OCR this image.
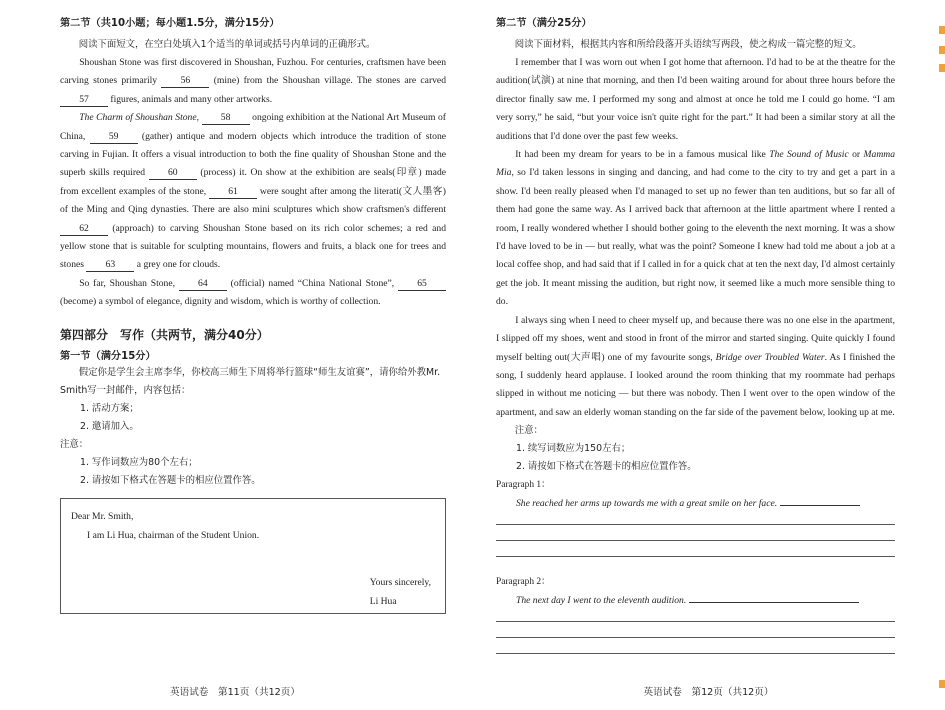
第二节（共10小题；每小题1.5分，满分15分）
阅读下面短文，在空白处填入1个适当的单词或括号内单词的正确形式。

Shoushan Stone was first discovered in Shoushan, Fuzhou. For centuries, craftsmen have been carving stones primarily 56 (mine) from the Shoushan village. The stones are carved 57 figures, animals and many other artworks.

The Charm of Shoushan Stone, 58 ongoing exhibition at the National Art Museum of China, 59 (gather) antique and modern objects which introduce the tradition of stone carving in Fujian. It offers a visual introduction to both the fine quality of Shoushan Stone and the superb skills required 60 (process) it. On show at the exhibition are seals(印章) made from excellent examples of the stone, 61 were sought after among the literati(文人墨客) of the Ming and Qing dynasties. There are also mini sculptures which show craftsmen's different 62 (approach) to carving Shoushan Stone based on its rich color schemes; a red and yellow stone that is suitable for sculpting mountains, flowers and fruits, a black one for trees and stones 63 a grey one for clouds.

So far, Shoushan Stone, 64 (official) named “China National Stone”, 65 (become) a symbol of elegance, dignity and wisdom, which is worthy of collection.

第四部分　写作（共两节，满分40分）
第一节（满分15分）
假定你是学生会主席李华，你校高三师生下周将举行篮球“师生友谊赛”，请你给外教Mr. Smith写一封邮件，内容包括：
1. 活动方案；
2. 邀请加入。
注意：
1. 写作词数应为80个左右；
2. 请按如下格式在答题卡的相应位置作答。

Dear Mr. Smith,

I am Li Hua, chairman of the Student Union.

Yours sincerely,
Li Hua
英语试卷　第11页（共12页）
第二节（满分25分）
阅读下面材料，根据其内容和所给段落开头语续写两段，使之构成一篇完整的短文。

I remember that I was worn out when I got home that afternoon. I'd had to be at the theatre for the audition(试演) at nine that morning, and then I'd been waiting around for about three hours before the director finally saw me. I performed my song and almost at once he told me I could go home. “I am very sorry,” he said, “but your voice isn't quite right for the part.” It had been a similar story at all the auditions that I'd done over the past few weeks.

It had been my dream for years to be in a famous musical like The Sound of Music or Mamma Mia, so I'd taken lessons in singing and dancing, and had come to the city to try and get a part in a show. I'd been really pleased when I'd managed to set up no fewer than ten auditions, but so far all of them had gone the same way. As I arrived back that afternoon at the little apartment where I rented a room, I really wondered whether I should bother going to the eleventh the next morning. It was a show I'd have loved to be in — but really, what was the point? Someone I knew had told me about a job at a local coffee shop, and had said that if I called in for a quick chat at ten the next day, I'd almost certainly get the job. It meant missing the audition, but right now, it seemed like a much more sensible thing to do.

I always sing when I need to cheer myself up, and because there was no one else in the apartment, I slipped off my shoes, went and stood in front of the mirror and started singing. Quite quickly I found myself belting out(大声唱) one of my favourite songs, Bridge over Troubled Water. As I finished the song, I suddenly heard applause. I looked around the room thinking that my roommate had perhaps slipped in without me noticing — but there was nobody. Then I went over to the open window of the apartment, and saw an elderly woman standing on the far side of the pavement below, looking up at me.

注意：
1. 续写词数应为150左右；
2. 请按如下格式在答题卡的相应位置作答。
Paragraph 1：
She reached her arms up towards me with a great smile on her face.
Paragraph 2：
The next day I went to the eleventh audition.
英语试卷　第12页（共12页）
